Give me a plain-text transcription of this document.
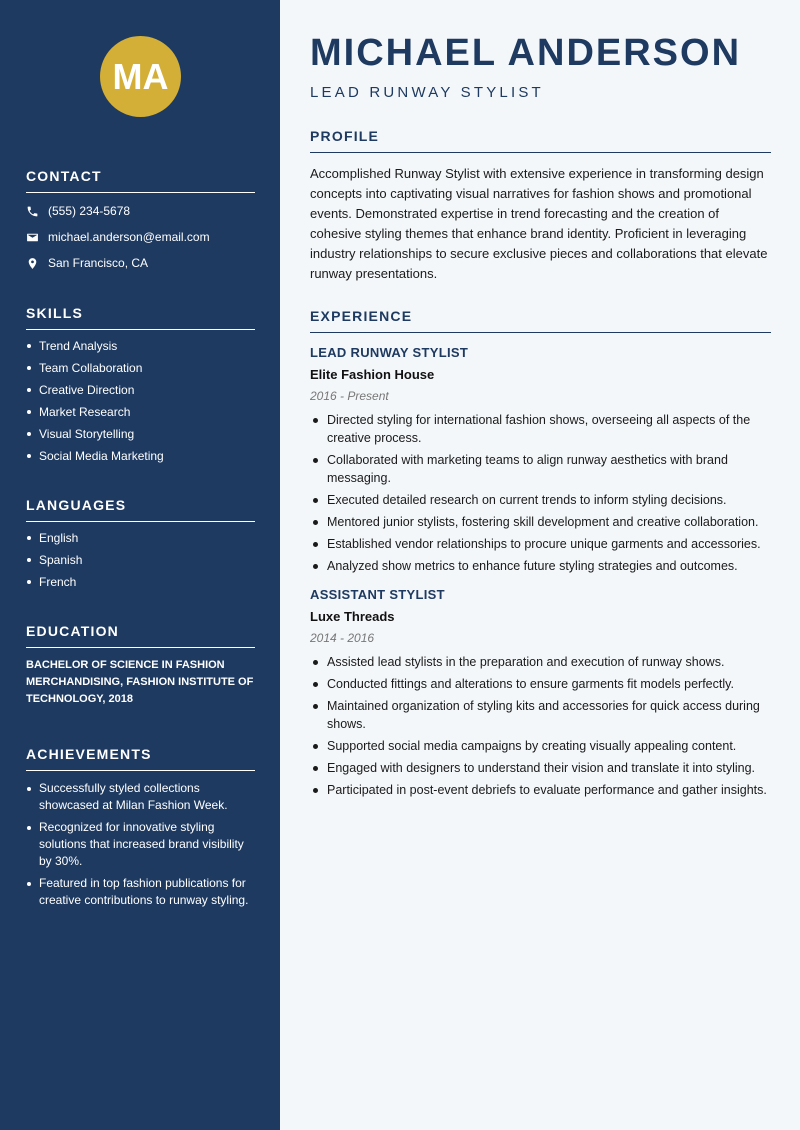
MA
CONTACT
(555) 234-5678
michael.anderson@email.com
San Francisco, CA
SKILLS
Trend Analysis
Team Collaboration
Creative Direction
Market Research
Visual Storytelling
Social Media Marketing
LANGUAGES
English
Spanish
French
EDUCATION
BACHELOR OF SCIENCE IN FASHION MERCHANDISING, FASHION INSTITUTE OF TECHNOLOGY, 2018
ACHIEVEMENTS
Successfully styled collections showcased at Milan Fashion Week.
Recognized for innovative styling solutions that increased brand visibility by 30%.
Featured in top fashion publications for creative contributions to runway styling.
MICHAEL ANDERSON
LEAD RUNWAY STYLIST
PROFILE
Accomplished Runway Stylist with extensive experience in transforming design concepts into captivating visual narratives for fashion shows and promotional events. Demonstrated expertise in trend forecasting and the creation of cohesive styling themes that enhance brand identity. Proficient in leveraging industry relationships to secure exclusive pieces and collaborations that elevate runway presentations.
EXPERIENCE
LEAD RUNWAY STYLIST
Elite Fashion House
2016 - Present
Directed styling for international fashion shows, overseeing all aspects of the creative process.
Collaborated with marketing teams to align runway aesthetics with brand messaging.
Executed detailed research on current trends to inform styling decisions.
Mentored junior stylists, fostering skill development and creative collaboration.
Established vendor relationships to procure unique garments and accessories.
Analyzed show metrics to enhance future styling strategies and outcomes.
ASSISTANT STYLIST
Luxe Threads
2014 - 2016
Assisted lead stylists in the preparation and execution of runway shows.
Conducted fittings and alterations to ensure garments fit models perfectly.
Maintained organization of styling kits and accessories for quick access during shows.
Supported social media campaigns by creating visually appealing content.
Engaged with designers to understand their vision and translate it into styling.
Participated in post-event debriefs to evaluate performance and gather insights.
